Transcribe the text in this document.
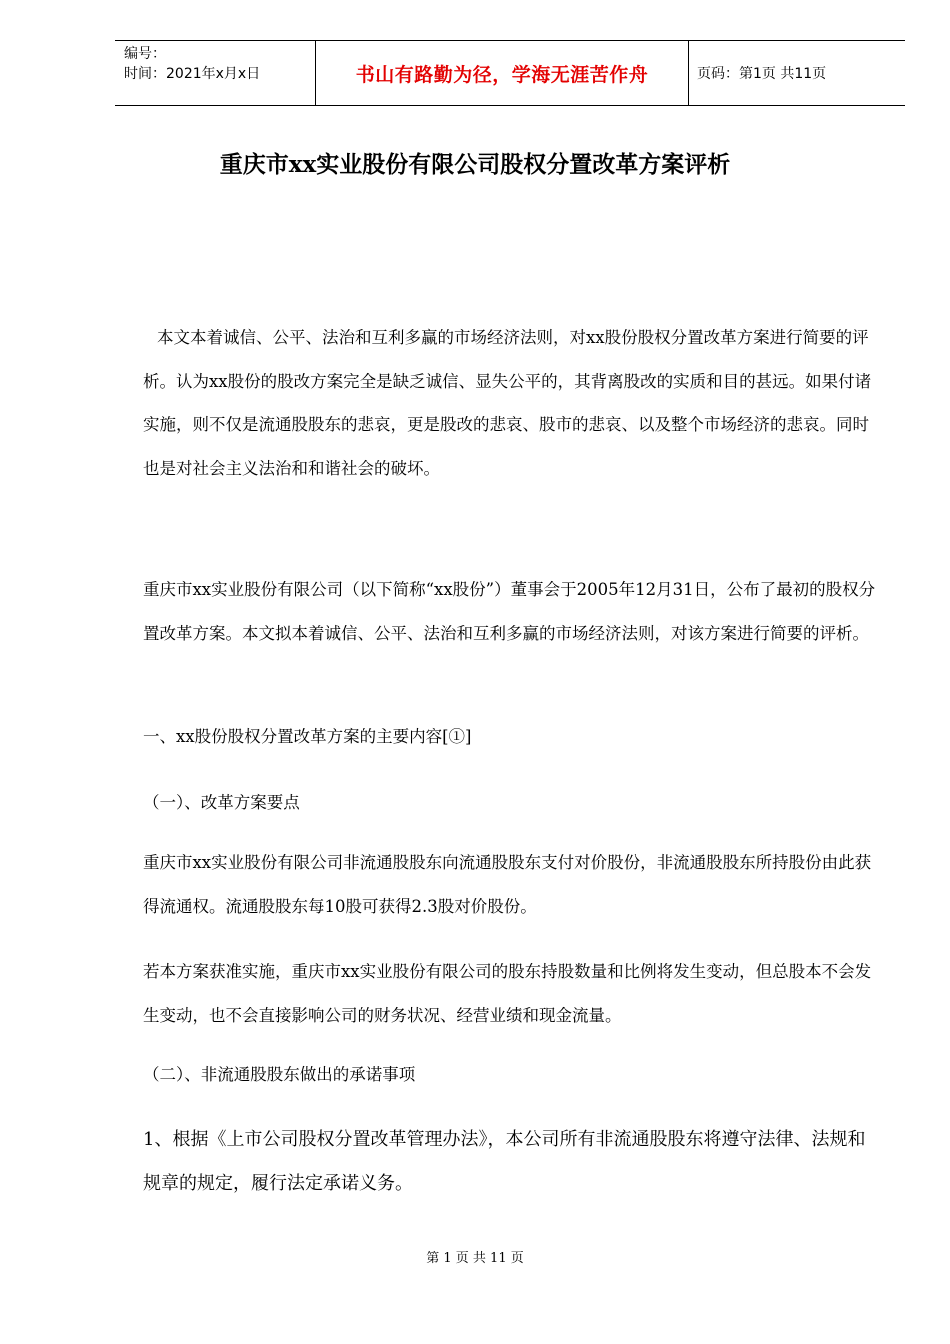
编号：
时间：2021年x月x日	书山有路勤为径，学海无涯苦作舟	页码：第1页 共11页
重庆市xx实业股份有限公司股权分置改革方案评析
本文本着诚信、公平、法治和互利多赢的市场经济法则，对xx股份股权分置改革方案进行简要的评析。认为xx股份的股改方案完全是缺乏诚信、显失公平的，其背离股改的实质和目的甚远。如果付诸实施，则不仅是流通股股东的悲哀，更是股改的悲哀、股市的悲哀、以及整个市场经济的悲哀。同时也是对社会主义法治和和谐社会的破坏。
重庆市xx实业股份有限公司（以下简称“xx股份”）董事会于2005年12月31日，公布了最初的股权分置改革方案。本文拟本着诚信、公平、法治和互利多赢的市场经济法则，对该方案进行简要的评析。
一、xx股份股权分置改革方案的主要内容[①]
（一）、改革方案要点
重庆市xx实业股份有限公司非流通股股东向流通股股东支付对价股份，非流通股股东所持股份由此获得流通权。流通股股东每10股可获得2.3股对价股份。
若本方案获准实施，重庆市xx实业股份有限公司的股东持股数量和比例将发生变动，但总股本不会发生变动，也不会直接影响公司的财务状况、经营业绩和现金流量。
（二）、非流通股股东做出的承诺事项
1、根据《上市公司股权分置改革管理办法》，本公司所有非流通股股东将遵守法律、法规和规章的规定，履行法定承诺义务。
第 1 页 共 11 页
